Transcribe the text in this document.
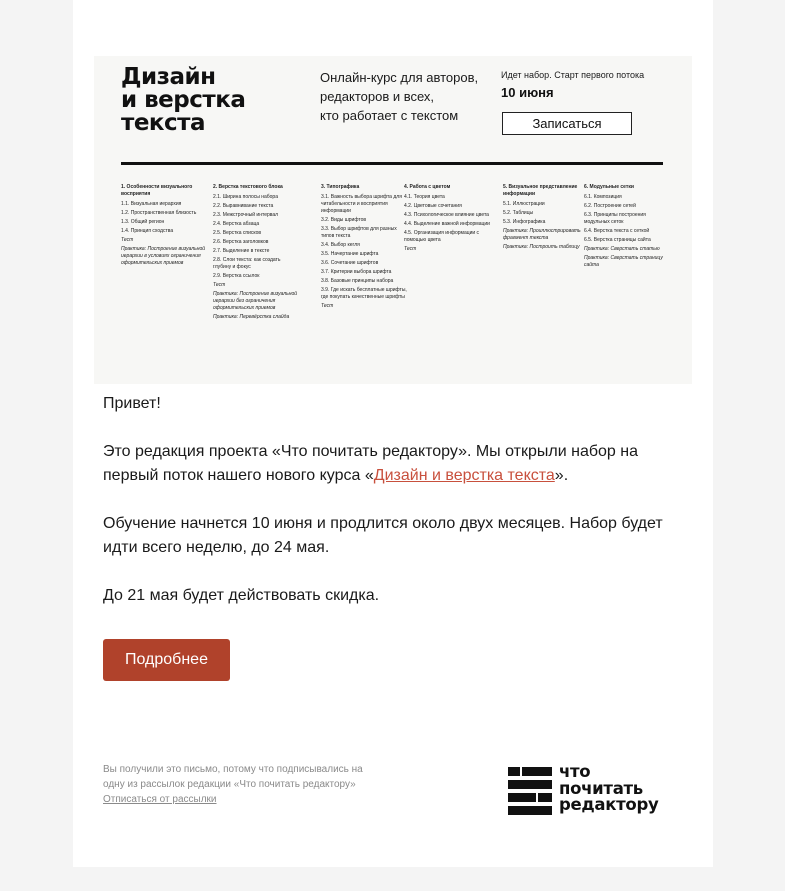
Дизайн
и верстка
текста
Онлайн-курс для авторов,
редакторов и всех,
кто работает с текстом
Идет набор. Старт первого потока
10 июня
Записаться
1. Особенности визуального восприятия
1.1. Визуальная иерархия
1.2. Пространственная близость
1.3. Общий регион
1.4. Принцип сходства
Тест
Практика: Построение визуальной иерархии в условиях ограничения оформительских приемов
2. Верстка текстового блока
2.1. Ширина полосы набора
2.2. Выравнивание текста
2.3. Межстрочный интервал
2.4. Верстка абзаца
2.5. Верстка списков
2.6. Верстка заголовков
2.7. Выделение в тексте
2.8. Слои текста: как создать глубину и фокус
2.9. Верстка ссылок
Тест
Практика: Построение визуальной иерархии без ограничения оформительских приемов
Практика: Перевёрстка слайда
3. Типографика
3.1. Важность выбора шрифта для читабельности и восприятия информации
3.2. Виды шрифтов
3.3. Выбор шрифтов для разных типов текста
3.4. Выбор кегля
3.5. Начертание шрифта
3.6. Сочетание шрифтов
3.7. Критерии выбора шрифта
3.8. Базовые принципы набора
3.9. Где искать бесплатные шрифты, где покупать качественные шрифты
Тест
4. Работа с цветом
4.1. Теория цвета
4.2. Цветовые сочетания
4.3. Психологическое влияние цвета
4.4. Выделение важной информации
4.5. Организация информации с помощью цвета
Тест
5. Визуальное представление информации
5.1. Иллюстрации
5.2. Таблицы
5.3. Инфографика
Практика: Проиллюстрировать фрагмент текста
Практика: Построить таблицу
6. Модульные сетки
6.1. Композиция
6.2. Построение сетей
6.3. Принципы построения модульных сеток
6.4. Верстка текста с сеткой
6.5. Верстка страницы сайта
Практика: Сверстать статью
Практика: Сверстать страницу сайта
Привет!
Это редакция проекта «Что почитать редактору». Мы открыли набор на первый поток нашего нового курса «Дизайн и верстка текста».
Обучение начнется 10 июня и продлится около двух месяцев. Набор будет идти всего неделю, до 24 мая.
До 21 мая будет действовать скидка.
Подробнее
Вы получили это письмо, потому что подписывались на одну из рассылок редакции «Что почитать редактору»
Отписаться от рассылки
что
почитать
редактору
